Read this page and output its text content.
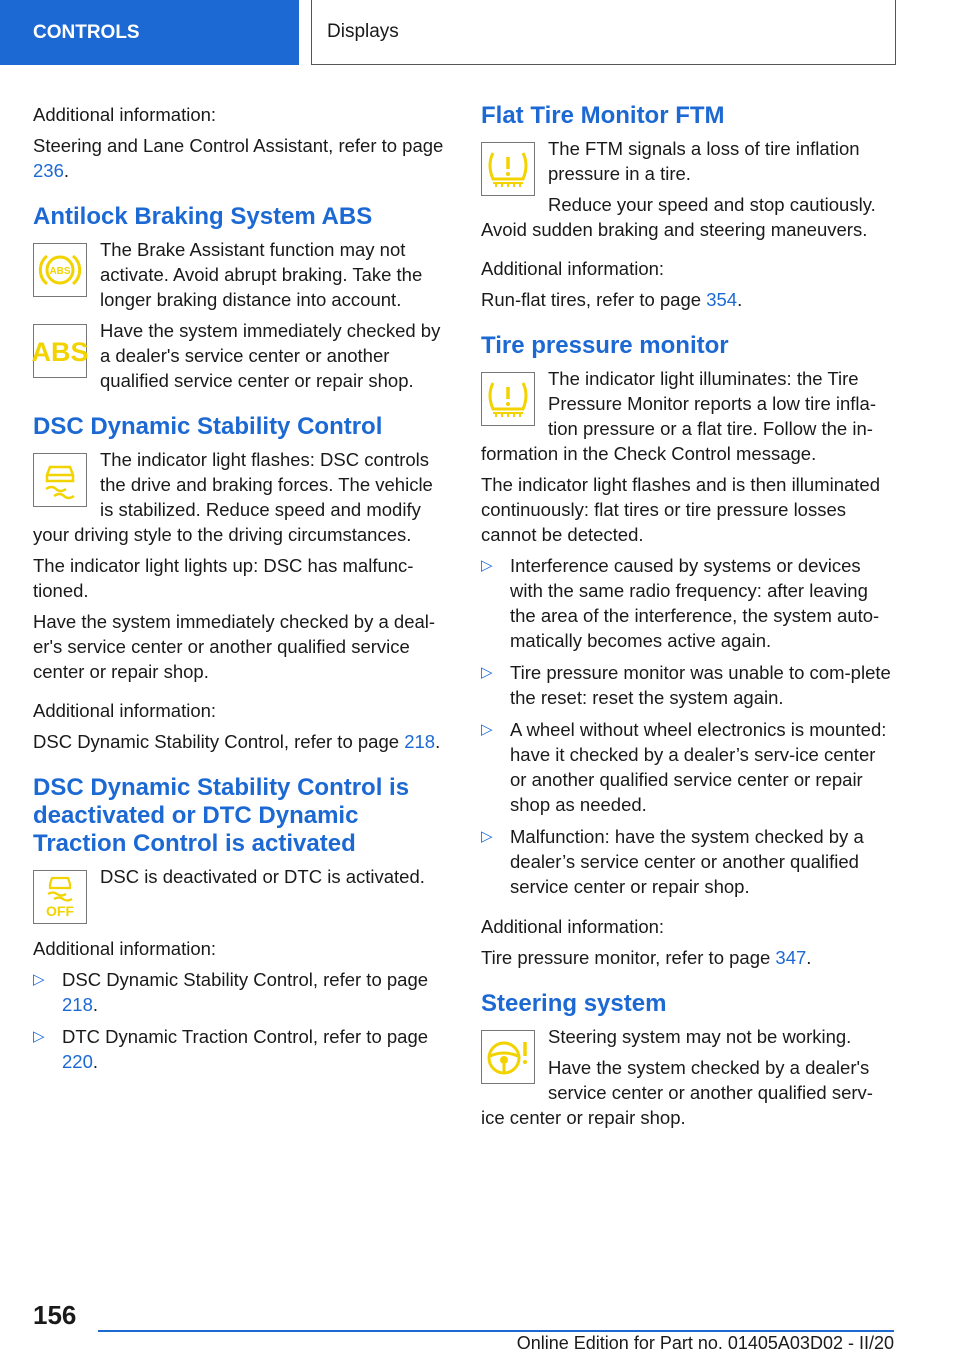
CONTROLS	Displays

Additional information:

Steering and Lane Control Assistant, refer to page 236.

Antilock Braking System ABS
ABS

The Brake Assistant function may not activate. Avoid abrupt braking. Take the longer braking distance into account.

ABS

Have the system immediately checked by a dealer's service center or another qualified service center or repair shop.

DSC Dynamic Stability Control

The indicator light flashes: DSC controls the drive and braking forces. The vehicle is stabilized. Reduce speed and modify your driving style to the driving circumstances.

The indicator light lights up: DSC has malfunc-tioned.

Have the system immediately checked by a deal-er's service center or another qualified service center or repair shop.

Additional information:

DSC Dynamic Stability Control, refer to page 218.

DSC Dynamic Stability Control is deactivated or DTC Dynamic Traction Control is activated
OFF

DSC is deactivated or DTC is activated.

Additional information:

▷ DSC Dynamic Stability Control, refer to page 218.
▷ DTC Dynamic Traction Control, refer to page 220.
Flat Tire Monitor FTM

The FTM signals a loss of tire inflation pressure in a tire.

Reduce your speed and stop cautiously. Avoid sudden braking and steering maneuvers.

Additional information:

Run-flat tires, refer to page 354.

Tire pressure monitor

The indicator light illuminates: the Tire Pressure Monitor reports a low tire infla-tion pressure or a flat tire. Follow the in-formation in the Check Control message.

The indicator light flashes and is then illuminated continuously: flat tires or tire pressure losses cannot be detected.

▷ Interference caused by systems or devices with the same radio frequency: after leaving the area of the interference, the system auto-matically becomes active again.
▷ Tire pressure monitor was unable to com-plete the reset: reset the system again.
▷ A wheel without wheel electronics is mounted: have it checked by a dealer’s serv-ice center or another qualified service center or repair shop as needed.
▷ Malfunction: have the system checked by a dealer’s service center or another qualified service center or repair shop.

Additional information:

Tire pressure monitor, refer to page 347.

Steering system

Steering system may not be working.

Have the system checked by a dealer's service center or another qualified serv-ice center or repair shop.

156
Online Edition for Part no. 01405A03D02 - II/20
